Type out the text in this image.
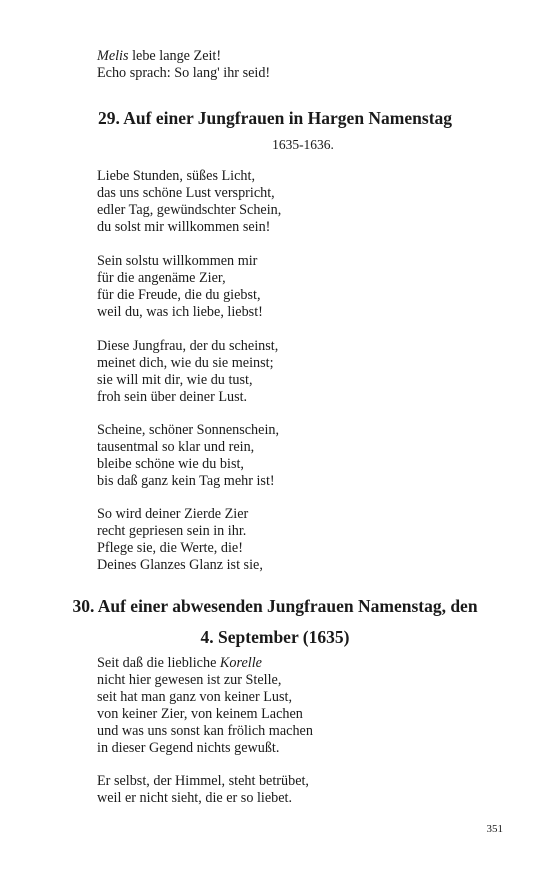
Melis lebe lange Zeit!
Echo sprach: So lang' ihr seid!
29. Auf einer Jungfrauen in Hargen Namenstag
1635-1636.
Liebe Stunden, süßes Licht,
das uns schöne Lust verspricht,
edler Tag, gewündschter Schein,
du solst mir willkommen sein!
Sein solstu willkommen mir
für die angenäme Zier,
für die Freude, die du giebst,
weil du, was ich liebe, liebst!
Diese Jungfrau, der du scheinst,
meinet dich, wie du sie meinst;
sie will mit dir, wie du tust,
froh sein über deiner Lust.
Scheine, schöner Sonnenschein,
tausentmal so klar und rein,
bleibe schöne wie du bist,
bis daß ganz kein Tag mehr ist!
So wird deiner Zierde Zier
recht gepriesen sein in ihr.
Pflege sie, die Werte, die!
Deines Glanzes Glanz ist sie,
30. Auf einer abwesenden Jungfrauen Namenstag, den
4. September (1635)
Seit daß die liebliche Korelle
nicht hier gewesen ist zur Stelle,
seit hat man ganz von keiner Lust,
von keiner Zier, von keinem Lachen
und was uns sonst kan frölich machen
in dieser Gegend nichts gewußt.
Er selbst, der Himmel, steht betrübet,
weil er nicht sieht, die er so liebet.
351
